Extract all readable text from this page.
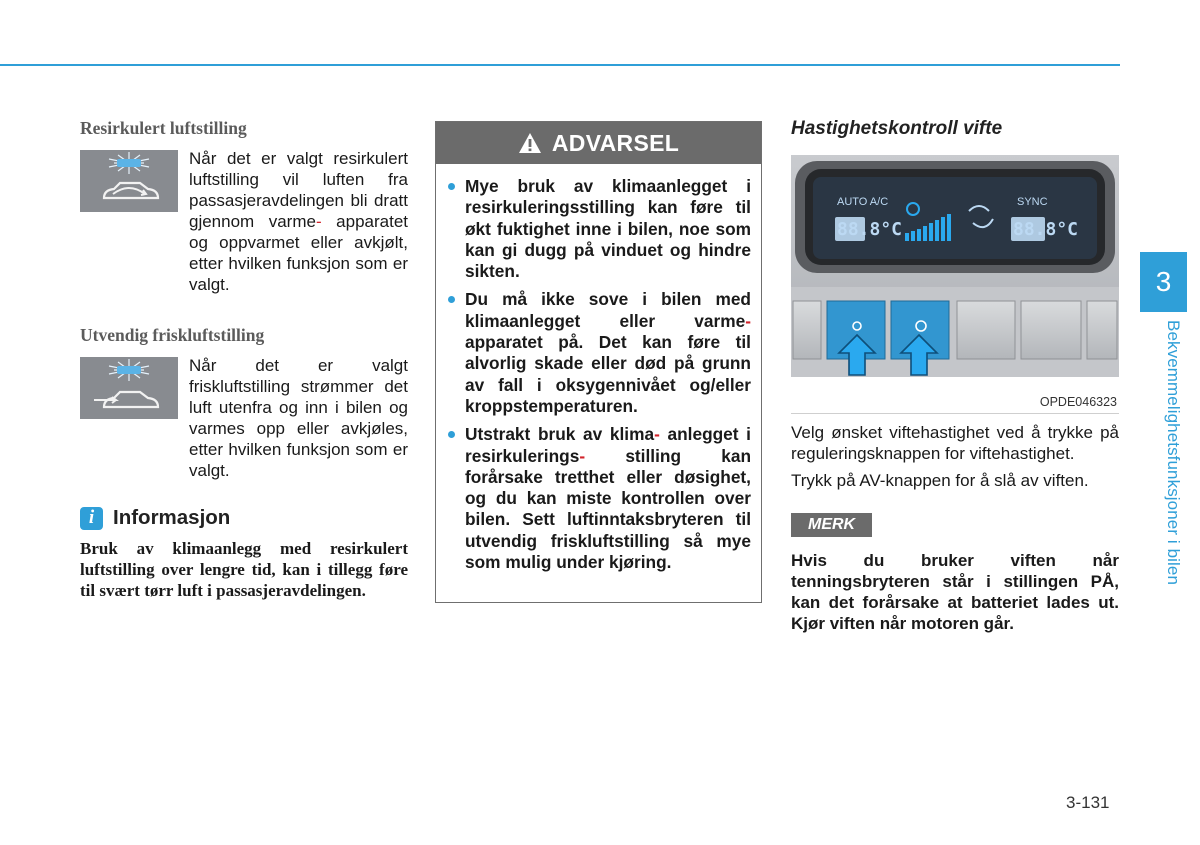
Resirkulert luftstilling

Når det er valgt resirkulert luftstilling vil luften fra passasjeravdelingen bli dratt gjennom varme- apparatet og oppvarmet eller avkjølt, etter hvilken funksjon som er valgt.

Utvendig friskluftstilling

Når det er valgt friskluftstilling strømmer det luft utenfra og inn i bilen og varmes opp eller avkjøles, etter hvilken funksjon som er valgt.

i Informasjon

Bruk av klimaanlegg med resirkulert luftstilling over lengre tid, kan i tillegg føre til svært tørr luft i passasjeravdelingen.

ADVARSEL
Mye bruk av klimaanlegget i resirkuleringsstilling kan føre til økt fuktighet inne i bilen, noe som kan gi dugg på vinduet og hindre sikten.
Du må ikke sove i bilen med klimaanlegget eller varme- apparatet på. Det kan føre til alvorlig skade eller død på grunn av fall i oksygennivået og/eller kroppstemperaturen.
Utstrakt bruk av klima- anlegget i resirkulerings- stilling kan forårsake tretthet eller døsighet, og du kan miste kontrollen over bilen. Sett luftinntaksbryteren til utvendig friskluftstilling så mye som mulig under kjøring.
Hastighetskontroll vifte
AUTO A/C	SYNC
88.8°C	88.8°C
OPDE046323

Velg ønsket viftehastighet ved å trykke på reguleringsknappen for viftehastighet.

Trykk på AV-knappen for å slå av viften.

MERK

Hvis du bruker viften når tenningsbryteren står i stillingen PÅ, kan det forårsake at batteriet lades ut. Kjør viften når motoren går.

3
Bekvemmelighetsfunksjoner i bilen
3-131
